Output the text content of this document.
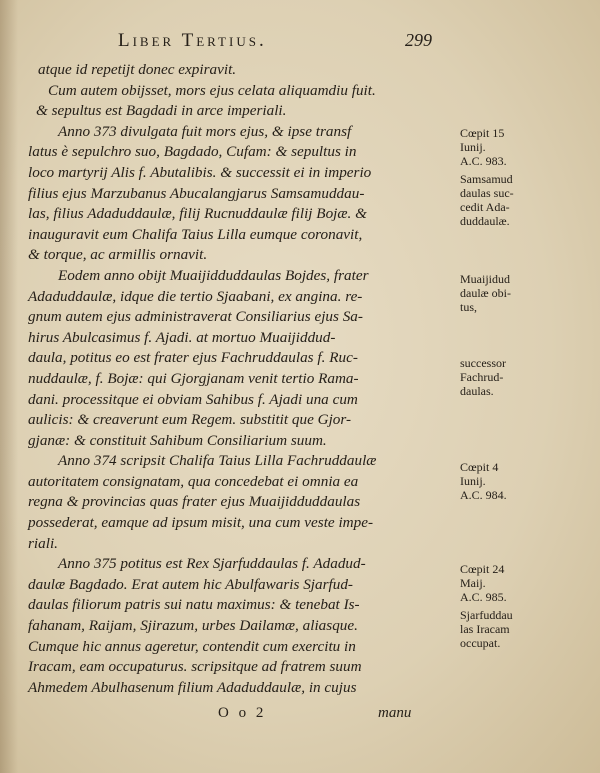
Liber Tertius.	299
atque id repetijt donec expiravit.
Cum autem obijsset, mors ejus celata aliquamdiu fuit.
& sepultus est Bagdadi in arce imperiali.
Anno 373 divulgata fuit mors ejus, & ipse transf
latus è sepulchro suo, Bagdado, Cufam: & sepultus in
loco martyrij Alis f. Abutalibis. & successit ei in imperio
filius ejus Marzubanus Abucalangjarus Samsamuddau-
las, filius Adaduddaulæ, filij Rucnuddaulæ filij Bojæ. &
inauguravit eum Chalifa Taius Lilla eumque coronavit,
& torque, ac armillis ornavit.
Eodem anno obijt Muaijidduddaulas Bojdes, frater
Adaduddaulæ, idque die tertio Sjaabani, ex angina. re-
gnum autem ejus administraverat Consiliarius ejus Sa-
hirus Abulcasimus f. Ajadi. at mortuo Muaijiddud-
daula, potitus eo est frater ejus Fachruddaulas f. Ruc-
nuddaulæ, f. Bojæ: qui Gjorgjanam venit tertio Rama-
dani. processitque ei obviam Sahibus f. Ajadi una cum
aulicis: & creaverunt eum Regem. substitit que Gjor-
gjanæ: & constituit Sahibum Consiliarium suum.
Anno 374 scripsit Chalifa Taius Lilla Fachruddaulæ
autoritatem consignatam, qua concedebat ei omnia ea
regna & provincias quas frater ejus Muaijidduddaulas
possederat, eamque ad ipsum misit, una cum veste impe-
riali.
Anno 375 potitus est Rex Sjarfuddaulas f. Adadud-
daulæ Bagdado. Erat autem hic Abulfawaris Sjarfud-
daulas filiorum patris sui natu maximus: & tenebat Is-
fahanam, Raijam, Sjirazum, urbes Dailamæ, aliasque.
Cumque hic annus ageretur, contendit cum exercitu in
Iracam, eam occupaturus. scripsitque ad fratrem suum
Ahmedem Abulhasenum filium Adaduddaulæ, in cujus
Cœpit 15
Iunij.
A.C. 983.
Samsamud
daulas suc-
cedit Ada-
duddaulæ.
Muaijidud
daulæ obi-
tus,
successor
Fachrud-
daulas.
Cœpit 4
Iunij.
A.C. 984.
Cœpit 24
Maij.
A.C. 985.
Sjarfuddau
las Iracam
occupat.
O o 2	manu
